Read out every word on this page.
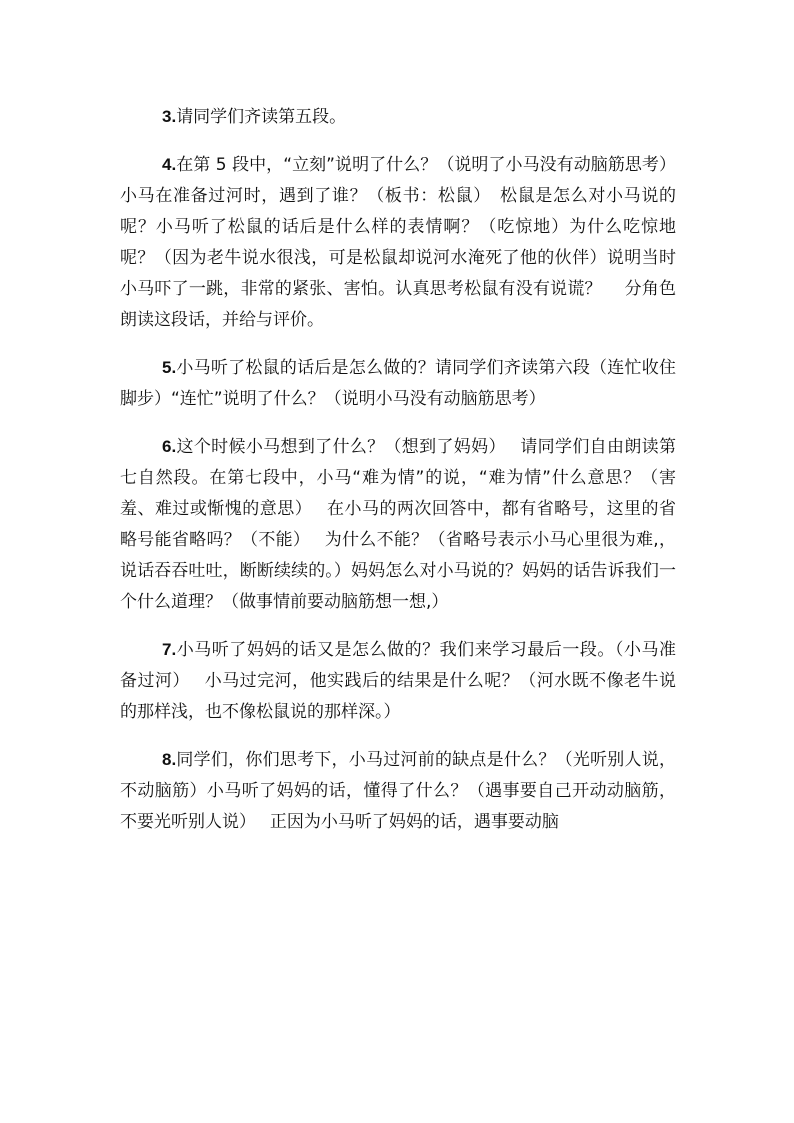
3.请同学们齐读第五段。

4.在第 5 段中，“立刻”说明了什么？（说明了小马没有动脑筋思考）小马在准备过河时，遇到了谁？（板书：松鼠）　松鼠是怎么对小马说的呢？小马听了松鼠的话后是什么样的表情啊？（吃惊地）为什么吃惊地呢？（因为老牛说水很浅，可是松鼠却说河水淹死了他的伙伴）说明当时小马吓了一跳，非常的紧张、害怕。认真思考松鼠有没有说谎？　 分角色朗读这段话，并给与评价。

5.小马听了松鼠的话后是怎么做的？请同学们齐读第六段（连忙收住脚步）“连忙”说明了什么？（说明小马没有动脑筋思考）

6.这个时候小马想到了什么？（想到了妈妈）　 请同学们自由朗读第七自然段。在第七段中，小马“难为情”的说，“难为情”什么意思？（害羞、难过或惭愧的意思）　 在小马的两次回答中，都有省略号，这里的省略号能省略吗？（不能）　 为什么不能？（省略号表示小马心里很为难,，说话吞吞吐吐，断断续续的。）妈妈怎么对小马说的？妈妈的话告诉我们一个什么道理？（做事情前要动脑筋想一想,）

7.小马听了妈妈的话又是怎么做的？我们来学习最后一段。（小马准备过河）　 小马过完河，他实践后的结果是什么呢？（河水既不像老牛说的那样浅，也不像松鼠说的那样深。）

8.同学们，你们思考下，小马过河前的缺点是什么？（光听别人说，不动脑筋）小马听了妈妈的话，懂得了什么？（遇事要自己开动动脑筋，不要光听别人说）　 正因为小马听了妈妈的话，遇事要动脑
